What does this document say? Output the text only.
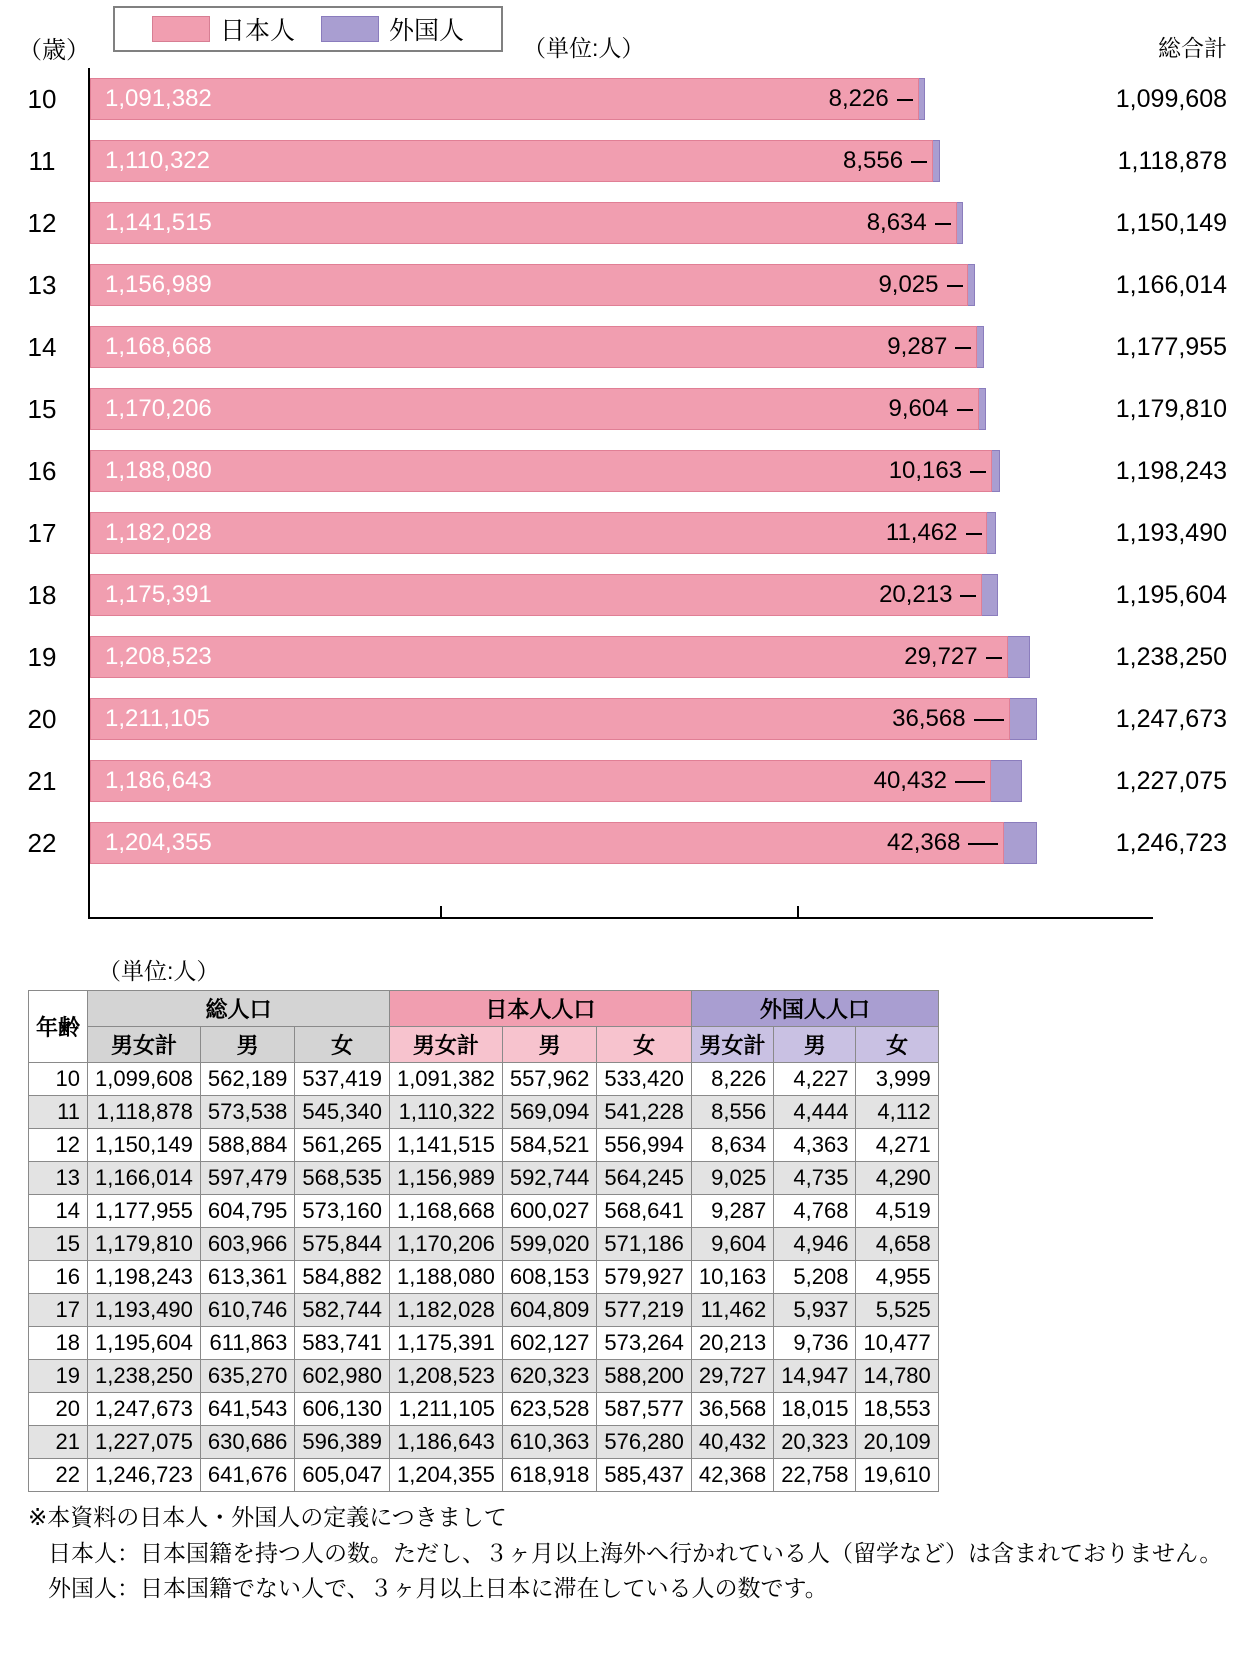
（歳）
日本人	外国人
（単位:人）	総合計
10	1,091,382	8,226	1,099,608
11	1,110,322	8,556	1,118,878
12	1,141,515	8,634	1,150,149
13	1,156,989	9,025	1,166,014
14	1,168,668	9,287	1,177,955
15	1,170,206	9,604	1,179,810
16	1,188,080	10,163	1,198,243
17	1,182,028	11,462	1,193,490
18	1,175,391	20,213	1,195,604
19	1,208,523	29,727	1,238,250
20	1,211,105	36,568	1,247,673
21	1,186,643	40,432	1,227,075
22	1,204,355	42,368	1,246,723
（単位:人）
年齢	総人口			日本人人口			外国人人口		
	男女計	男	女	男女計	男	女	男女計	男	女
10	1,099,608	562,189	537,419	1,091,382	557,962	533,420	8,226	4,227	3,999
11	1,118,878	573,538	545,340	1,110,322	569,094	541,228	8,556	4,444	4,112
12	1,150,149	588,884	561,265	1,141,515	584,521	556,994	8,634	4,363	4,271
13	1,166,014	597,479	568,535	1,156,989	592,744	564,245	9,025	4,735	4,290
14	1,177,955	604,795	573,160	1,168,668	600,027	568,641	9,287	4,768	4,519
15	1,179,810	603,966	575,844	1,170,206	599,020	571,186	9,604	4,946	4,658
16	1,198,243	613,361	584,882	1,188,080	608,153	579,927	10,163	5,208	4,955
17	1,193,490	610,746	582,744	1,182,028	604,809	577,219	11,462	5,937	5,525
18	1,195,604	611,863	583,741	1,175,391	602,127	573,264	20,213	9,736	10,477
19	1,238,250	635,270	602,980	1,208,523	620,323	588,200	29,727	14,947	14,780
20	1,247,673	641,543	606,130	1,211,105	623,528	587,577	36,568	18,015	18,553
21	1,227,075	630,686	596,389	1,186,643	610,363	576,280	40,432	20,323	20,109
22	1,246,723	641,676	605,047	1,204,355	618,918	585,437	42,368	22,758	19,610
※本資料の日本人・外国人の定義につきまして
日本人：日本国籍を持つ人の数。ただし、３ヶ月以上海外へ行かれている人（留学など）は含まれておりません。
外国人：日本国籍でない人で、３ヶ月以上日本に滞在している人の数です。
